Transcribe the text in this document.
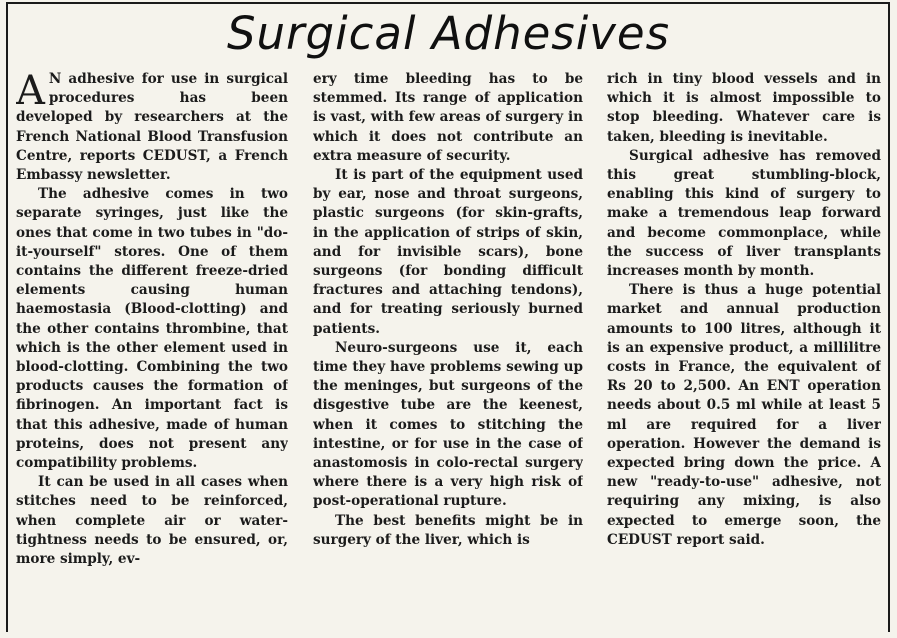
Surgical Adhesives

A N adhesive for use in surgical procedures has been developed by researchers at the French National Blood Transfusion Centre, reports CEDUST, a French Embassy newsletter.

The adhesive comes in two separate syringes, just like the ones that come in two tubes in "do-it-yourself" stores. One of them contains the different freeze-dried elements causing human haemostasia (Blood-clotting) and the other contains thrombine, that which is the other element used in blood-clotting. Combining the two products causes the formation of fibrinogen. An important fact is that this adhesive, made of human proteins, does not present any compatibility problems.

It can be used in all cases when stitches need to be reinforced, when complete air or water-tightness needs to be ensured, or, more simply, ev-

ery time bleeding has to be stemmed. Its range of application is vast, with few areas of surgery in which it does not contribute an extra measure of security.

It is part of the equipment used by ear, nose and throat surgeons, plastic surgeons (for skin-grafts, in the application of strips of skin, and for invisible scars), bone surgeons (for bonding difficult fractures and attaching tendons), and for treating seriously burned patients.

Neuro-surgeons use it, each time they have problems sewing up the meninges, but surgeons of the disgestive tube are the keenest, when it comes to stitching the intestine, or for use in the case of anastomosis in colo-rectal surgery where there is a very high risk of post-operational rupture.

The best benefits might be in surgery of the liver, which is

rich in tiny blood vessels and in which it is almost impossible to stop bleeding. Whatever care is taken, bleeding is inevitable.

Surgical adhesive has removed this great stumbling-block, enabling this kind of surgery to make a tremendous leap forward and become commonplace, while the success of liver transplants increases month by month.

There is thus a huge potential market and annual production amounts to 100 litres, although it is an expensive product, a millilitre costs in France, the equivalent of Rs 20 to 2,500. An ENT operation needs about 0.5 ml while at least 5 ml are required for a liver operation. However the demand is expected bring down the price. A new "ready-to-use" adhesive, not requiring any mixing, is also expected to emerge soon, the CEDUST report said.
